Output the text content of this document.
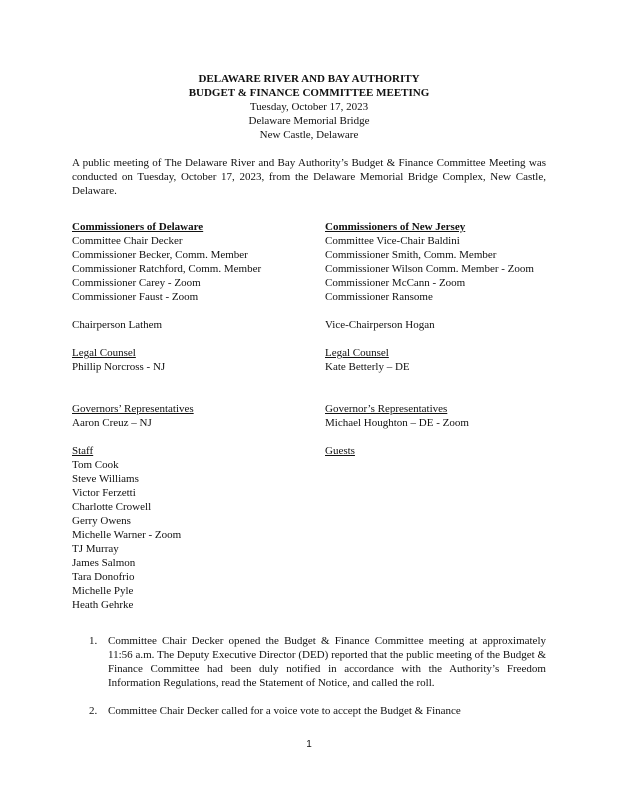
DELAWARE RIVER AND BAY AUTHORITY
BUDGET & FINANCE COMMITTEE MEETING
Tuesday, October 17, 2023
Delaware Memorial Bridge
New Castle, Delaware
A public meeting of The Delaware River and Bay Authority’s Budget & Finance Committee Meeting was conducted on Tuesday, October 17, 2023, from the Delaware Memorial Bridge Complex, New Castle, Delaware.
Commissioners of Delaware
Committee Chair Decker
Commissioner Becker, Comm. Member
Commissioner Ratchford, Comm. Member
Commissioner Carey - Zoom
Commissioner Faust - Zoom
Chairperson Lathem
Legal Counsel
Phillip Norcross - NJ
Governors’ Representatives
Aaron Creuz – NJ
Staff
Tom Cook
Steve Williams
Victor Ferzetti
Charlotte Crowell
Gerry Owens
Michelle Warner - Zoom
TJ Murray
James Salmon
Tara Donofrio
Michelle Pyle
Heath Gehrke
Commissioners of New Jersey
Committee Vice-Chair Baldini
Commissioner Smith, Comm. Member
Commissioner Wilson Comm. Member - Zoom
Commissioner McCann - Zoom
Commissioner Ransome
Vice-Chairperson Hogan
Legal Counsel
Kate Betterly – DE
Governor’s Representatives
Michael Houghton – DE - Zoom
Guests
1. Committee Chair Decker opened the Budget & Finance Committee meeting at approximately 11:56 a.m. The Deputy Executive Director (DED) reported that the public meeting of the Budget & Finance Committee had been duly notified in accordance with the Authority’s Freedom Information Regulations, read the Statement of Notice, and called the roll.
2. Committee Chair Decker called for a voice vote to accept the Budget & Finance
1
